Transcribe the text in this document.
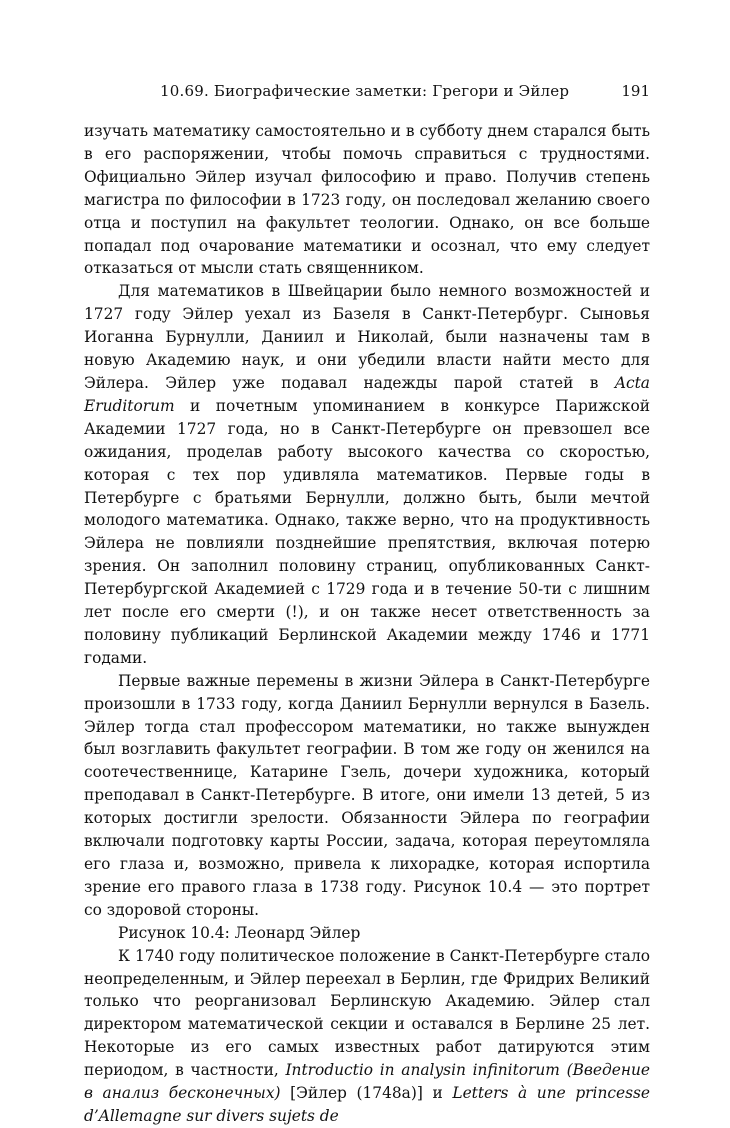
10.69. Биографические заметки: Грегори и Эйлер	191

изучать математику самостоятельно и в субботу днем старался быть в его распоряжении, чтобы помочь справиться с трудностями. Официально Эйлер изучал философию и право. Получив степень магистра по философии в 1723 году, он последовал желанию своего отца и поступил на факультет теологии. Однако, он все больше попадал под очарование математики и осознал, что ему следует отказаться от мысли стать священником.

Для математиков в Швейцарии было немного возможностей и 1727 году Эйлер уехал из Базеля в Санкт-Петербург. Сыновья Иоганна Бурнулли, Даниил и Николай, были назначены там в новую Академию наук, и они убедили власти найти место для Эйлера. Эйлер уже подавал надежды парой статей в Acta Eruditorum и почетным упоминанием в конкурсе Парижской Академии 1727 года, но в Санкт-Петербурге он превзошел все ожидания, проделав работу высокого качества со скоростью, которая с тех пор удивляла математиков. Первые годы в Петербурге с братьями Бернулли, должно быть, были мечтой молодого математика. Однако, также верно, что на продуктивность Эйлера не повлияли позднейшие препятствия, включая потерю зрения. Он заполнил половину страниц, опубликованных Санкт-Петербургской Академией с 1729 года и в течение 50-ти с лишним лет после его смерти (!), и он также несет ответственность за половину публикаций Берлинской Академии между 1746 и 1771 годами.

Первые важные перемены в жизни Эйлера в Санкт-Петербурге произошли в 1733 году, когда Даниил Бернулли вернулся в Базель. Эйлер тогда стал профессором математики, но также вынужден был возглавить факультет географии. В том же году он женился на соотечественнице, Катарине Гзель, дочери художника, который преподавал в Санкт-Петербурге. В итоге, они имели 13 детей, 5 из которых достигли зрелости. Обязанности Эйлера по географии включали подготовку карты России, задача, которая переутомляла его глаза и, возможно, привела к лихорадке, которая испортила зрение его правого глаза в 1738 году. Рисунок 10.4 — это портрет со здоровой стороны.

Рисунок 10.4: Леонард Эйлер

К 1740 году политическое положение в Санкт-Петербурге стало неопределенным, и Эйлер переехал в Берлин, где Фридрих Великий только что реорганизовал Берлинскую Академию. Эйлер стал директором математической секции и оставался в Берлине 25 лет. Некоторые из его самых известных работ датируются этим периодом, в частности, Introductio in analysin infinitorum (Введение в анализ бесконечных) [Эйлер (1748a)] и Letters à une princesse d’Allemagne sur divers sujets de
